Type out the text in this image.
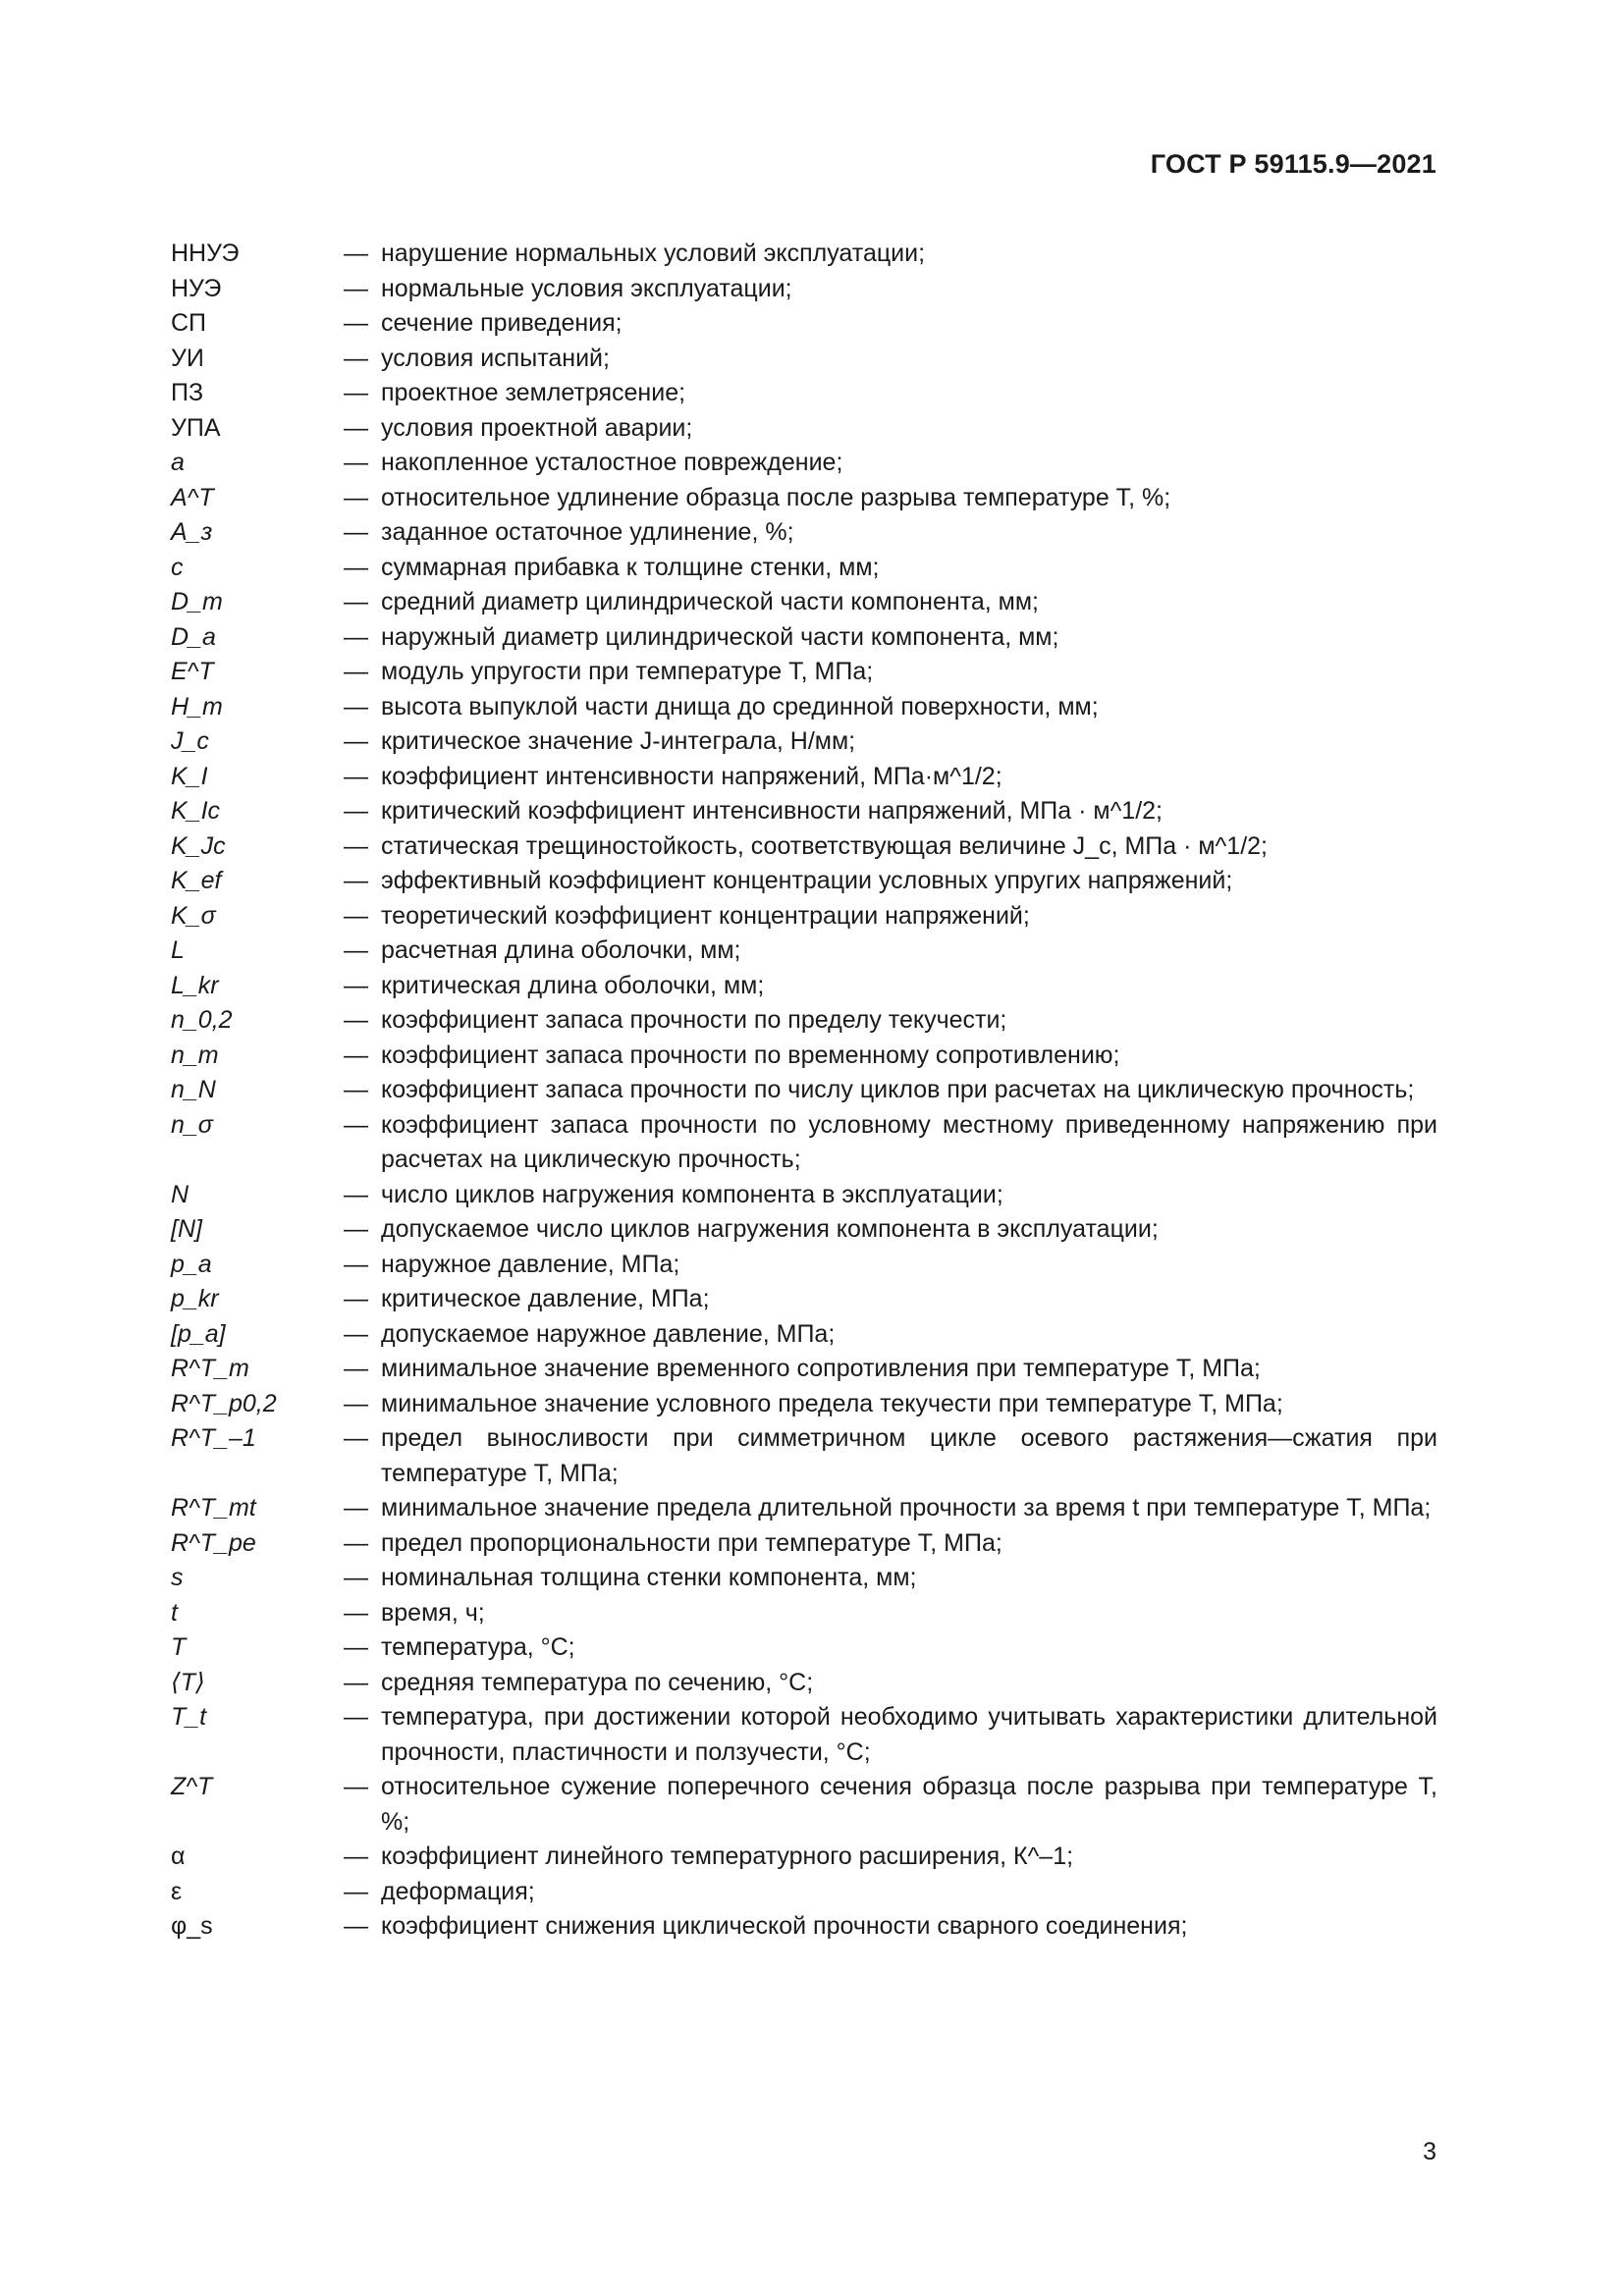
ГОСТ Р 59115.9—2021
ННУЭ	— нарушение нормальных условий эксплуатации;
НУЭ	— нормальные условия эксплуатации;
СП	— сечение приведения;
УИ	— условия испытаний;
ПЗ	— проектное землетрясение;
УПА	— условия проектной аварии;
a	— накопленное усталостное повреждение;
A^T	— относительное удлинение образца после разрыва температуре T, %;
A_з	— заданное остаточное удлинение, %;
c	— суммарная прибавка к толщине стенки, мм;
D_m	— средний диаметр цилиндрической части компонента, мм;
D_a	— наружный диаметр цилиндрической части компонента, мм;
E^T	— модуль упругости при температуре T, МПа;
H_m	— высота выпуклой части днища до срединной поверхности, мм;
J_c	— критическое значение J-интеграла, Н/мм;
K_I	— коэффициент интенсивности напряжений, МПа·м^1/2;
K_Ic	— критический коэффициент интенсивности напряжений, МПа · м^1/2;
K_Jc	— статическая трещиностойкость, соответствующая величине J_c, МПа · м^1/2;
K_ef	— эффективный коэффициент концентрации условных упругих напряжений;
K_σ	— теоретический коэффициент концентрации напряжений;
L	— расчетная длина оболочки, мм;
L_kr	— критическая длина оболочки, мм;
n_0,2	— коэффициент запаса прочности по пределу текучести;
n_m	— коэффициент запаса прочности по временному сопротивлению;
n_N	— коэффициент запаса прочности по числу циклов при расчетах на циклическую прочность;
n_σ	— коэффициент запаса прочности по условному местному приведенному напряжению при расчетах на циклическую прочность;
N	— число циклов нагружения компонента в эксплуатации;
[N]	— допускаемое число циклов нагружения компонента в эксплуатации;
p_a	— наружное давление, МПа;
p_kr	— критическое давление, МПа;
[p_a]	— допускаемое наружное давление, МПа;
R^T_m	— минимальное значение временного сопротивления при температуре T, МПа;
R^T_p0,2	— минимальное значение условного предела текучести при температуре T, МПа;
R^T_–1	— предел выносливости при симметричном цикле осевого растяжения—сжатия при температуре T, МПа;
R^T_mt	— минимальное значение предела длительной прочности за время t при температуре T, МПа;
R^T_pe	— предел пропорциональности при температуре T, МПа;
s	— номинальная толщина стенки компонента, мм;
t	— время, ч;
T	— температура, °С;
⟨T⟩	— средняя температура по сечению, °С;
T_t	— температура, при достижении которой необходимо учитывать характеристики длительной прочности, пластичности и ползучести, °С;
Z^T	— относительное сужение поперечного сечения образца после разрыва при температуре T, %;
α	— коэффициент линейного температурного расширения, К^–1;
ε	— деформация;
φ_s	— коэффициент снижения циклической прочности сварного соединения;
3
